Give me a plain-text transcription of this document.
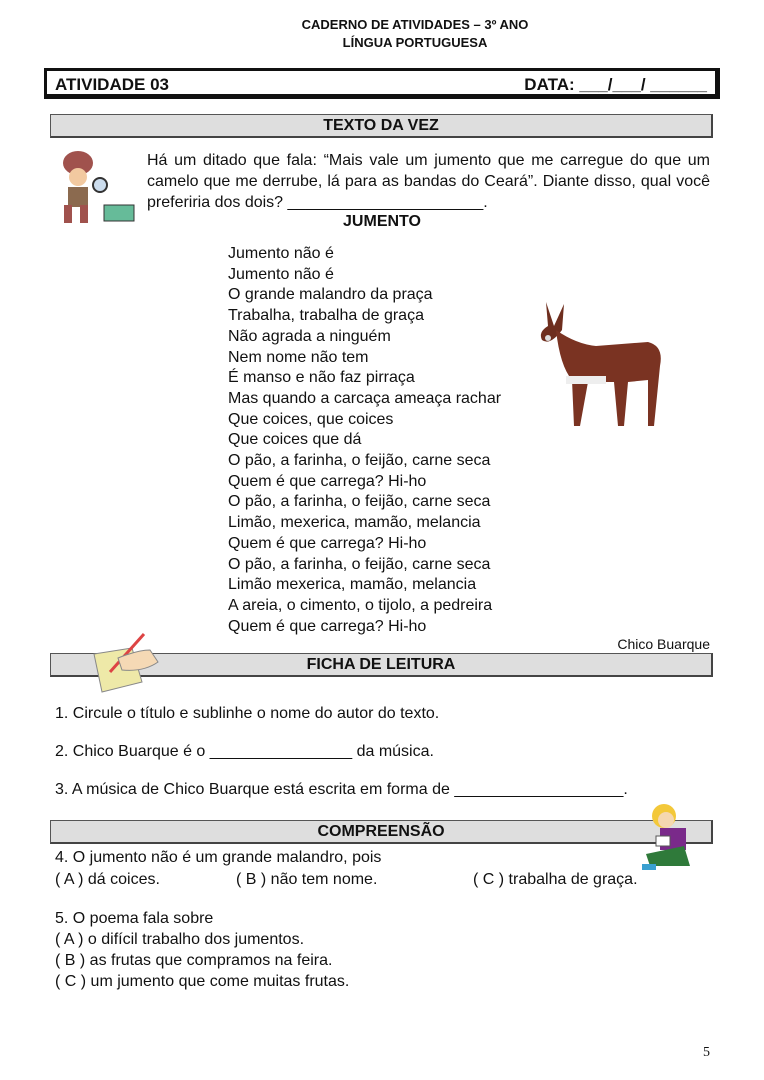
CADERNO DE ATIVIDADES – 3º ANO
LÍNGUA PORTUGUESA
ATIVIDADE 03	DATA: ___/___/ ______
TEXTO DA VEZ
Há um ditado que fala: “Mais vale um jumento que me carregue do que um camelo que me derrube, lá para as bandas do Ceará”. Diante disso, qual você preferiria dos dois? ______________________.
JUMENTO
Jumento não é
Jumento não é
O grande malandro da praça
Trabalha, trabalha de graça
Não agrada a ninguém
Nem nome não tem
É manso e não faz pirraça
Mas quando a carcaça ameaça rachar
Que coices, que coices
Que coices que dá
O pão, a farinha, o feijão, carne seca
Quem é que carrega? Hi-ho
O pão, a farinha, o feijão, carne seca
Limão, mexerica, mamão, melancia
Quem é que carrega? Hi-ho
O pão, a farinha, o feijão, carne seca
Limão mexerica, mamão, melancia
A areia, o cimento, o tijolo, a pedreira
Quem é que carrega? Hi-ho
Chico Buarque
FICHA DE LEITURA
1. Circule o título e sublinhe o nome do autor do texto.
2. Chico Buarque é o ________________ da música.
3. A música de Chico Buarque está escrita em forma de ___________________.
COMPREENSÃO
4. O jumento não é um grande malandro, pois
( A ) dá coices.	( B ) não tem nome.	( C ) trabalha de graça.
5. O poema fala sobre
( A ) o difícil trabalho dos jumentos.
( B ) as frutas que compramos na feira.
( C ) um jumento que come muitas frutas.
5
